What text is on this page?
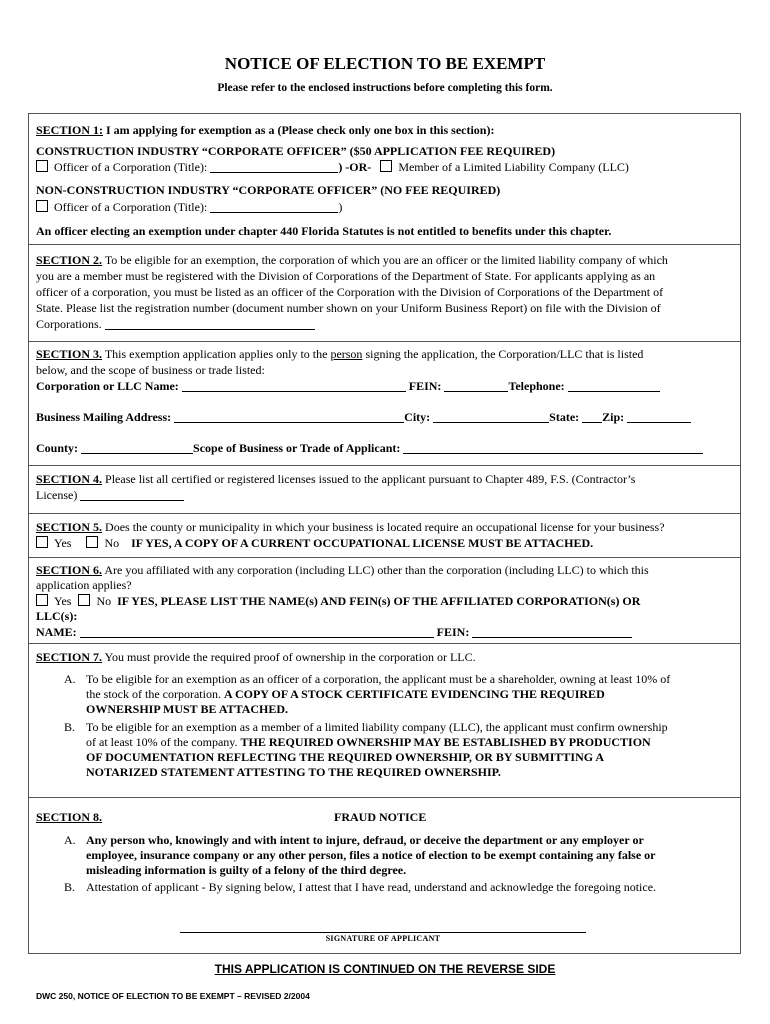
NOTICE OF ELECTION TO BE EXEMPT
Please refer to the enclosed instructions before completing this form.
SECTION 1: I am applying for exemption as a (Please check only one box in this section):
CONSTRUCTION INDUSTRY “CORPORATE OFFICER” ($50 APPLICATION FEE REQUIRED)
Officer of a Corporation (Title):	) -OR- Member of a Limited Liability Company (LLC)
NON-CONSTRUCTION INDUSTRY “CORPORATE OFFICER” (NO FEE REQUIRED)
Officer of a Corporation (Title):	)
An officer electing an exemption under chapter 440 Florida Statutes is not entitled to benefits under this chapter.
SECTION 2. To be eligible for an exemption, the corporation of which you are an officer or the limited liability company of which
you are a member must be registered with the Division of Corporations of the Department of State. For applicants applying as an
officer of a corporation, you must be listed as an officer of the Corporation with the Division of Corporations of the Department of
State. Please list the registration number (document number shown on your Uniform Business Report) on file with the Division of
Corporations.
SECTION 3. This exemption application applies only to the person signing the application, the Corporation/LLC that is listed
below, and the scope of business or trade listed:
Corporation or LLC Name:	FEIN:	Telephone:
Business Mailing Address:	City:	State: Zip:
County:	Scope of Business or Trade of Applicant:
SECTION 4. Please list all certified or registered licenses issued to the applicant pursuant to Chapter 489, F.S. (Contractor’s
License)
SECTION 5. Does the county or municipality in which your business is located require an occupational license for your business?
Yes	No IF YES, A COPY OF A CURRENT OCCUPATIONAL LICENSE MUST BE ATTACHED.
SECTION 6. Are you affiliated with any corporation (including LLC) other than the corporation (including LLC) to which this
application applies?
Yes No IF YES, PLEASE LIST THE NAME(s) AND FEIN(s) OF THE AFFILIATED CORPORATION(s) OR
LLC(s):
NAME:	FEIN:
SECTION 7. You must provide the required proof of ownership in the corporation or LLC.
A. To be eligible for an exemption as an officer of a corporation, the applicant must be a shareholder, owning at least 10% of
the stock of the corporation. A COPY OF A STOCK CERTIFICATE EVIDENCING THE REQUIRED
OWNERSHIP MUST BE ATTACHED.
B. To be eligible for an exemption as a member of a limited liability company (LLC), the applicant must confirm ownership
of at least 10% of the company. THE REQUIRED OWNERSHIP MAY BE ESTABLISHED BY PRODUCTION
OF DOCUMENTATION REFLECTING THE REQUIRED OWNERSHIP, OR BY SUBMITTING A
NOTARIZED STATEMENT ATTESTING TO THE REQUIRED OWNERSHIP.
SECTION 8.	FRAUD NOTICE
A. Any person who, knowingly and with intent to injure, defraud, or deceive the department or any employer or
employee, insurance company or any other person, files a notice of election to be exempt containing any false or
misleading information is guilty of a felony of the third degree.
B. Attestation of applicant - By signing below, I attest that I have read, understand and acknowledge the foregoing notice.
SIGNATURE OF APPLICANT
THIS APPLICATION IS CONTINUED ON THE REVERSE SIDE
DWC 250, NOTICE OF ELECTION TO BE EXEMPT – REVISED 2/2004
